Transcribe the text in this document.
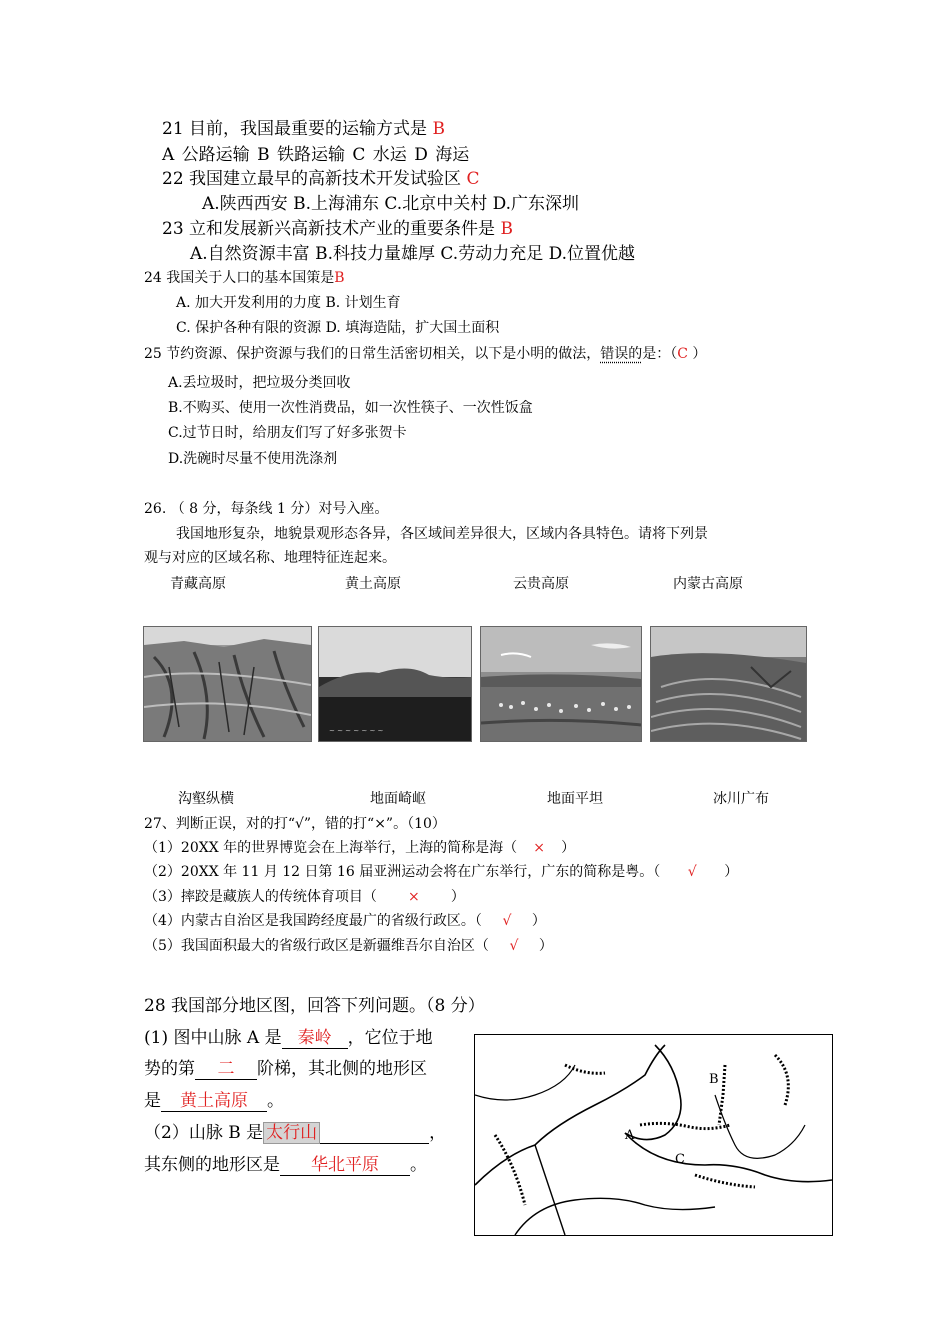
21 目前，我国最重要的运输方式是 B
A 公路运输 B 铁路运输 C 水运 D 海运
22 我国建立最早的高新技术开发试验区 C
A.陕西西安 B.上海浦东 C.北京中关村 D.广东深圳
23 立和发展新兴高新技术产业的重要条件是 B
A.自然资源丰富 B.科技力量雄厚 C.劳动力充足 D.位置优越
24 我国关于人口的基本国策是B
A. 加大开发利用的力度 B. 计划生育
C. 保护各种有限的资源 D. 填海造陆，扩大国土面积
25 节约资源、保护资源与我们的日常生活密切相关，以下是小明的做法，错误的是：（C ）
A.丢垃圾时，把垃圾分类回收
B.不购买、使用一次性消费品，如一次性筷子、一次性饭盒
C.过节日时，给朋友们写了好多张贺卡
D.洗碗时尽量不使用洗涤剂
26. （ 8 分，每条线 1 分）对号入座。
我国地形复杂，地貌景观形态各异，各区域间差异很大，区域内各具特色。请将下列景
观与对应的区域名称、地理特征连起来。
青藏高原	黄土高原	云贵高原	内蒙古高原
~ ~ ~ ~ ~ ~ ~
沟壑纵横	地面崎岖	地面平坦	冰川广布
27、判断正误，对的打“√”，错的打“×”。（10）
（1）20XX 年的世界博览会在上海举行，上海的简称是海（ × ）
（2）20XX 年 11 月 12 日第 16 届亚洲运动会将在广东举行，广东的简称是粤。（ √ ）
（3）摔跤是藏族人的传统体育项目（ × ）
（4）内蒙古自治区是我国跨经度最广的省级行政区。（ √ ）
（5）我国面积最大的省级行政区是新疆维吾尔自治区（ √ ）
28 我国部分地区图，回答下列问题。（8 分）
(1) 图中山脉 A 是 秦岭 ，它位于地
势的第 二 阶梯，其北侧的地形区
是 黄土高原 。
（2）山脉 B 是 太行山	，
其东侧的地形区是 华北平原 。
A
B
C
